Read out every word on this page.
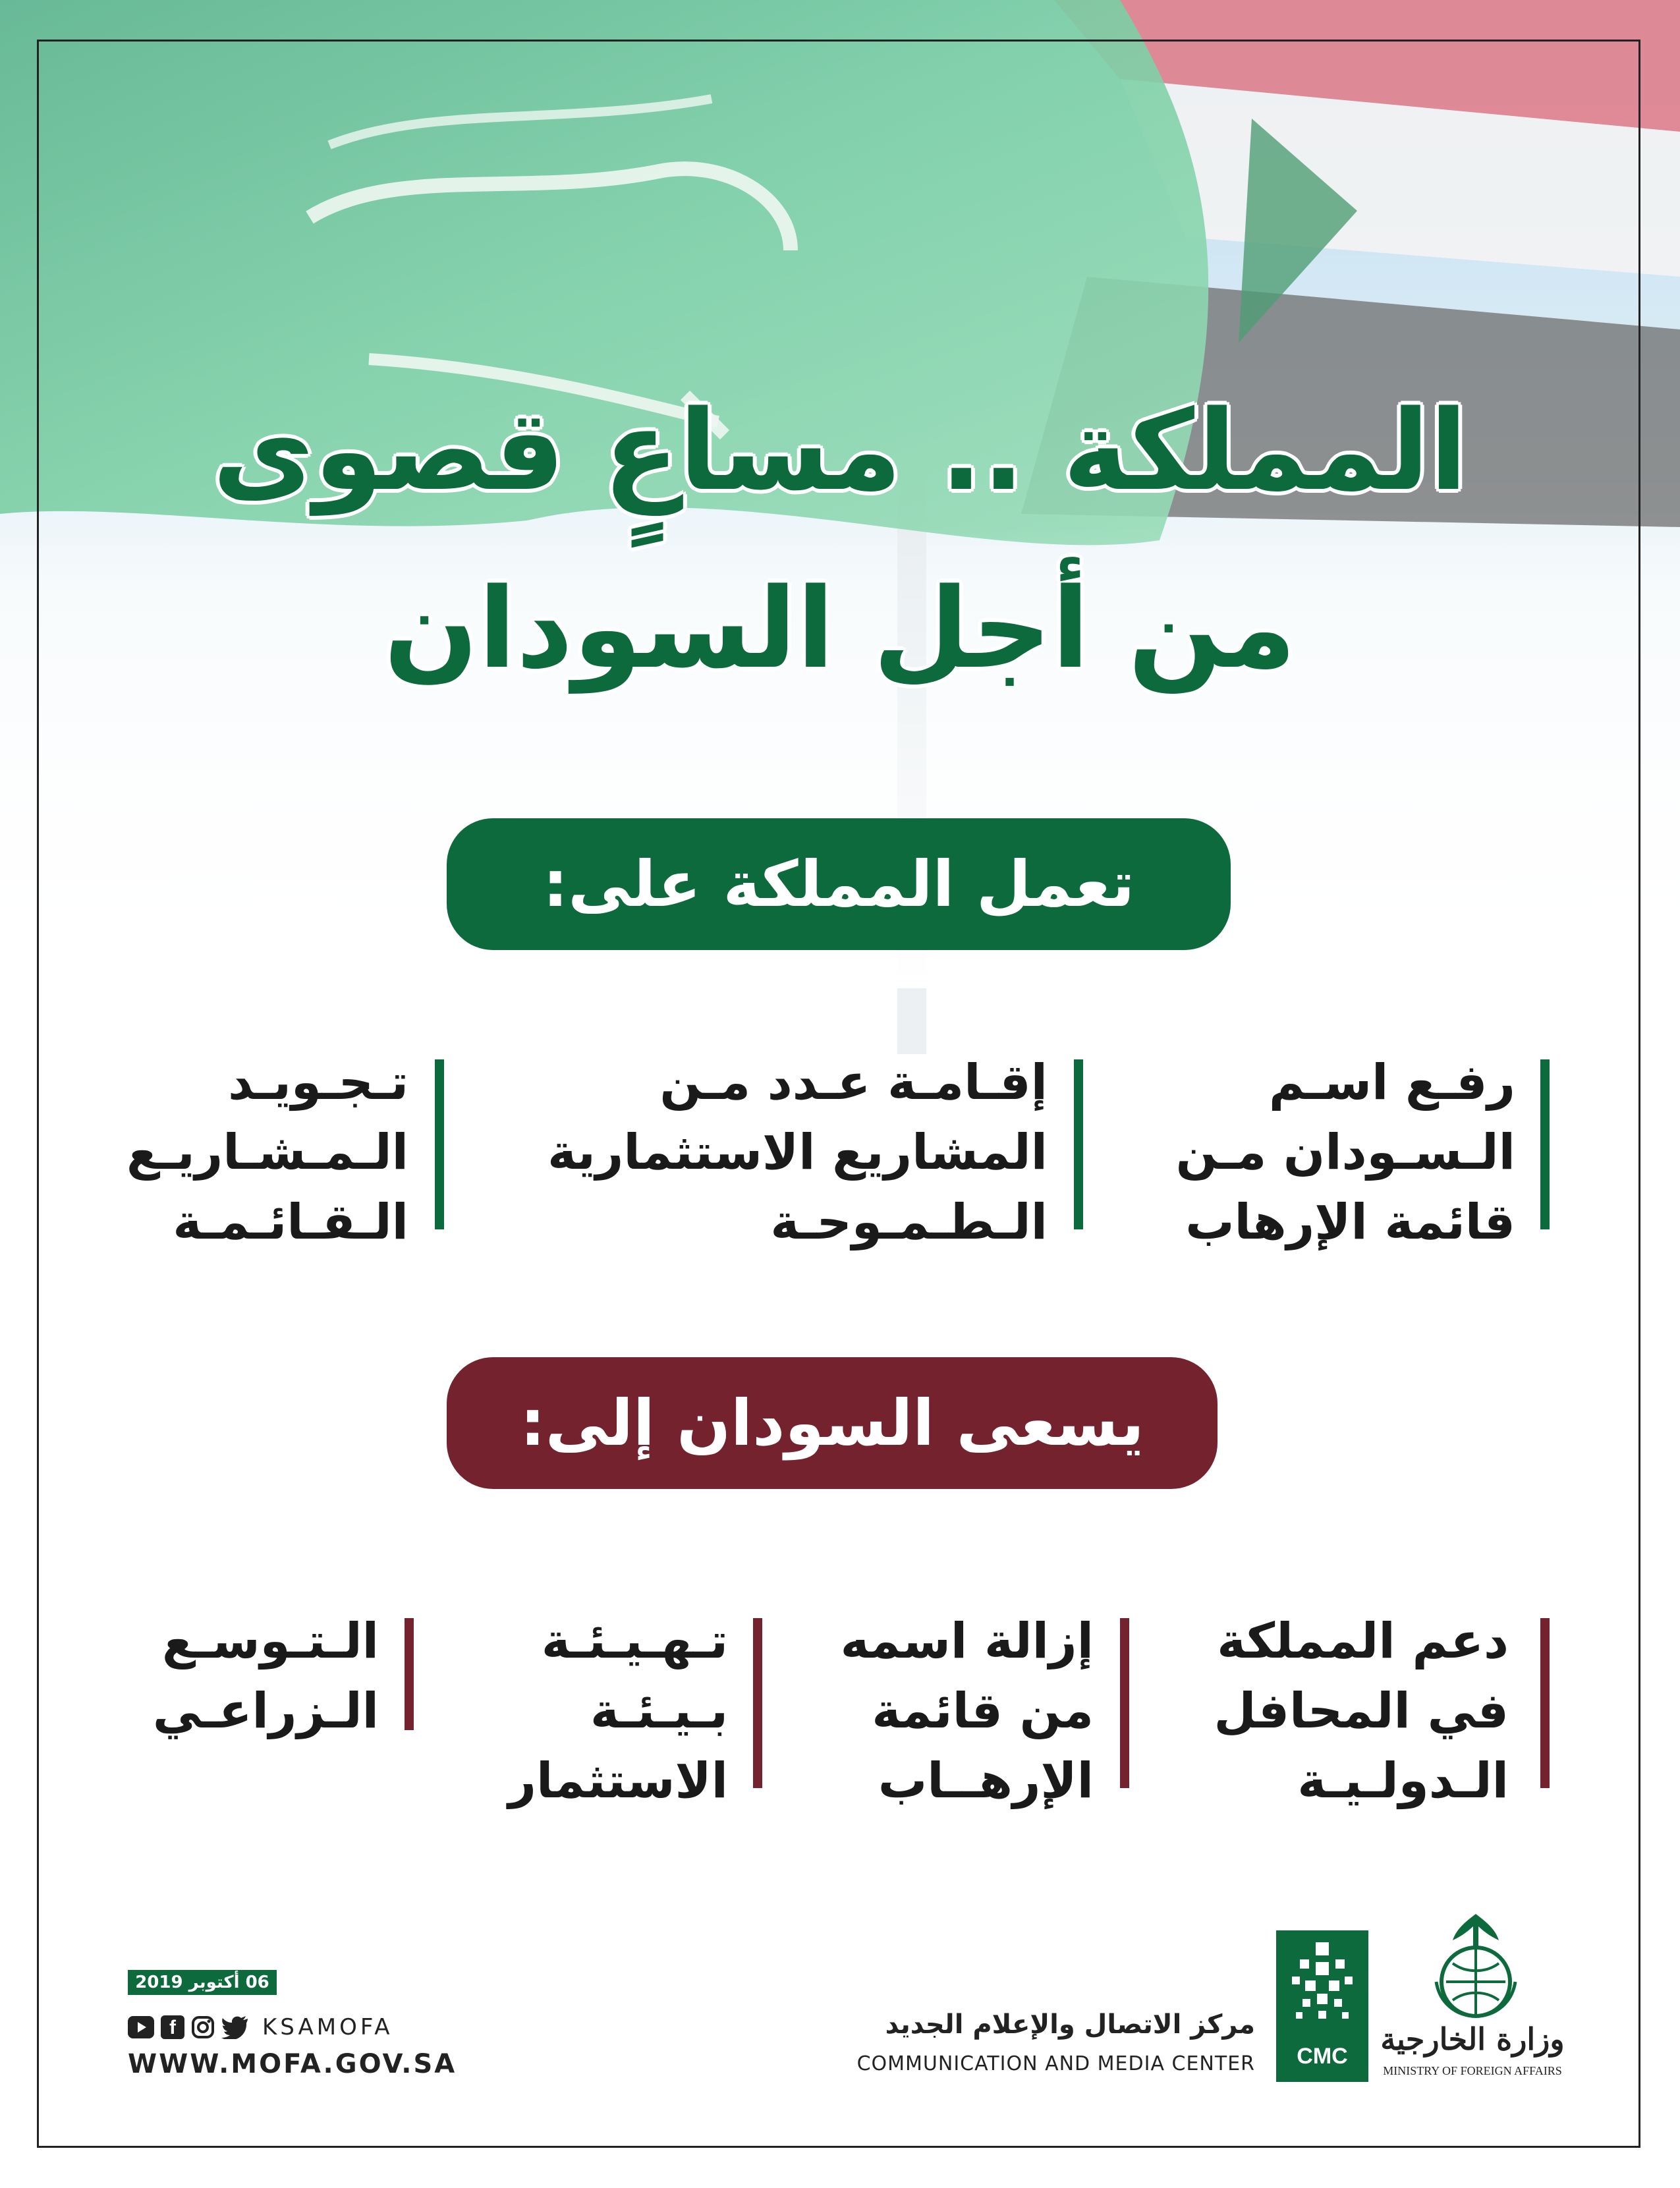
المملكة .. مساعٍ قصوى
من أجل السودان
تعمل المملكة على:

رفـع اسـم

الـسـودان مـن

قائمة الإرهاب

إقـامـة عـدد مـن

المشاريع الاستثمارية

الـطـمـوحـة

تـجـويـد

الـمـشـاريـع

الـقـائـمـة

يسعى السودان إلى:

دعم المملكة

في المحافل

الـدولـيـة

إزالة اسمه

من قائمة

الإرهــاب

تـهـيـئـة

بـيـئـة

الاستثمار

الـتـوسـع

الـزراعـي

06 أكتوبر 2019
f	KSAMOFA
WWW.MOFA.GOV.SA
مركز الاتصال والإعلام الجديد
COMMUNICATION AND MEDIA CENTER	CMC	وزارة الخارجية
MINISTRY OF FOREIGN AFFAIRS
